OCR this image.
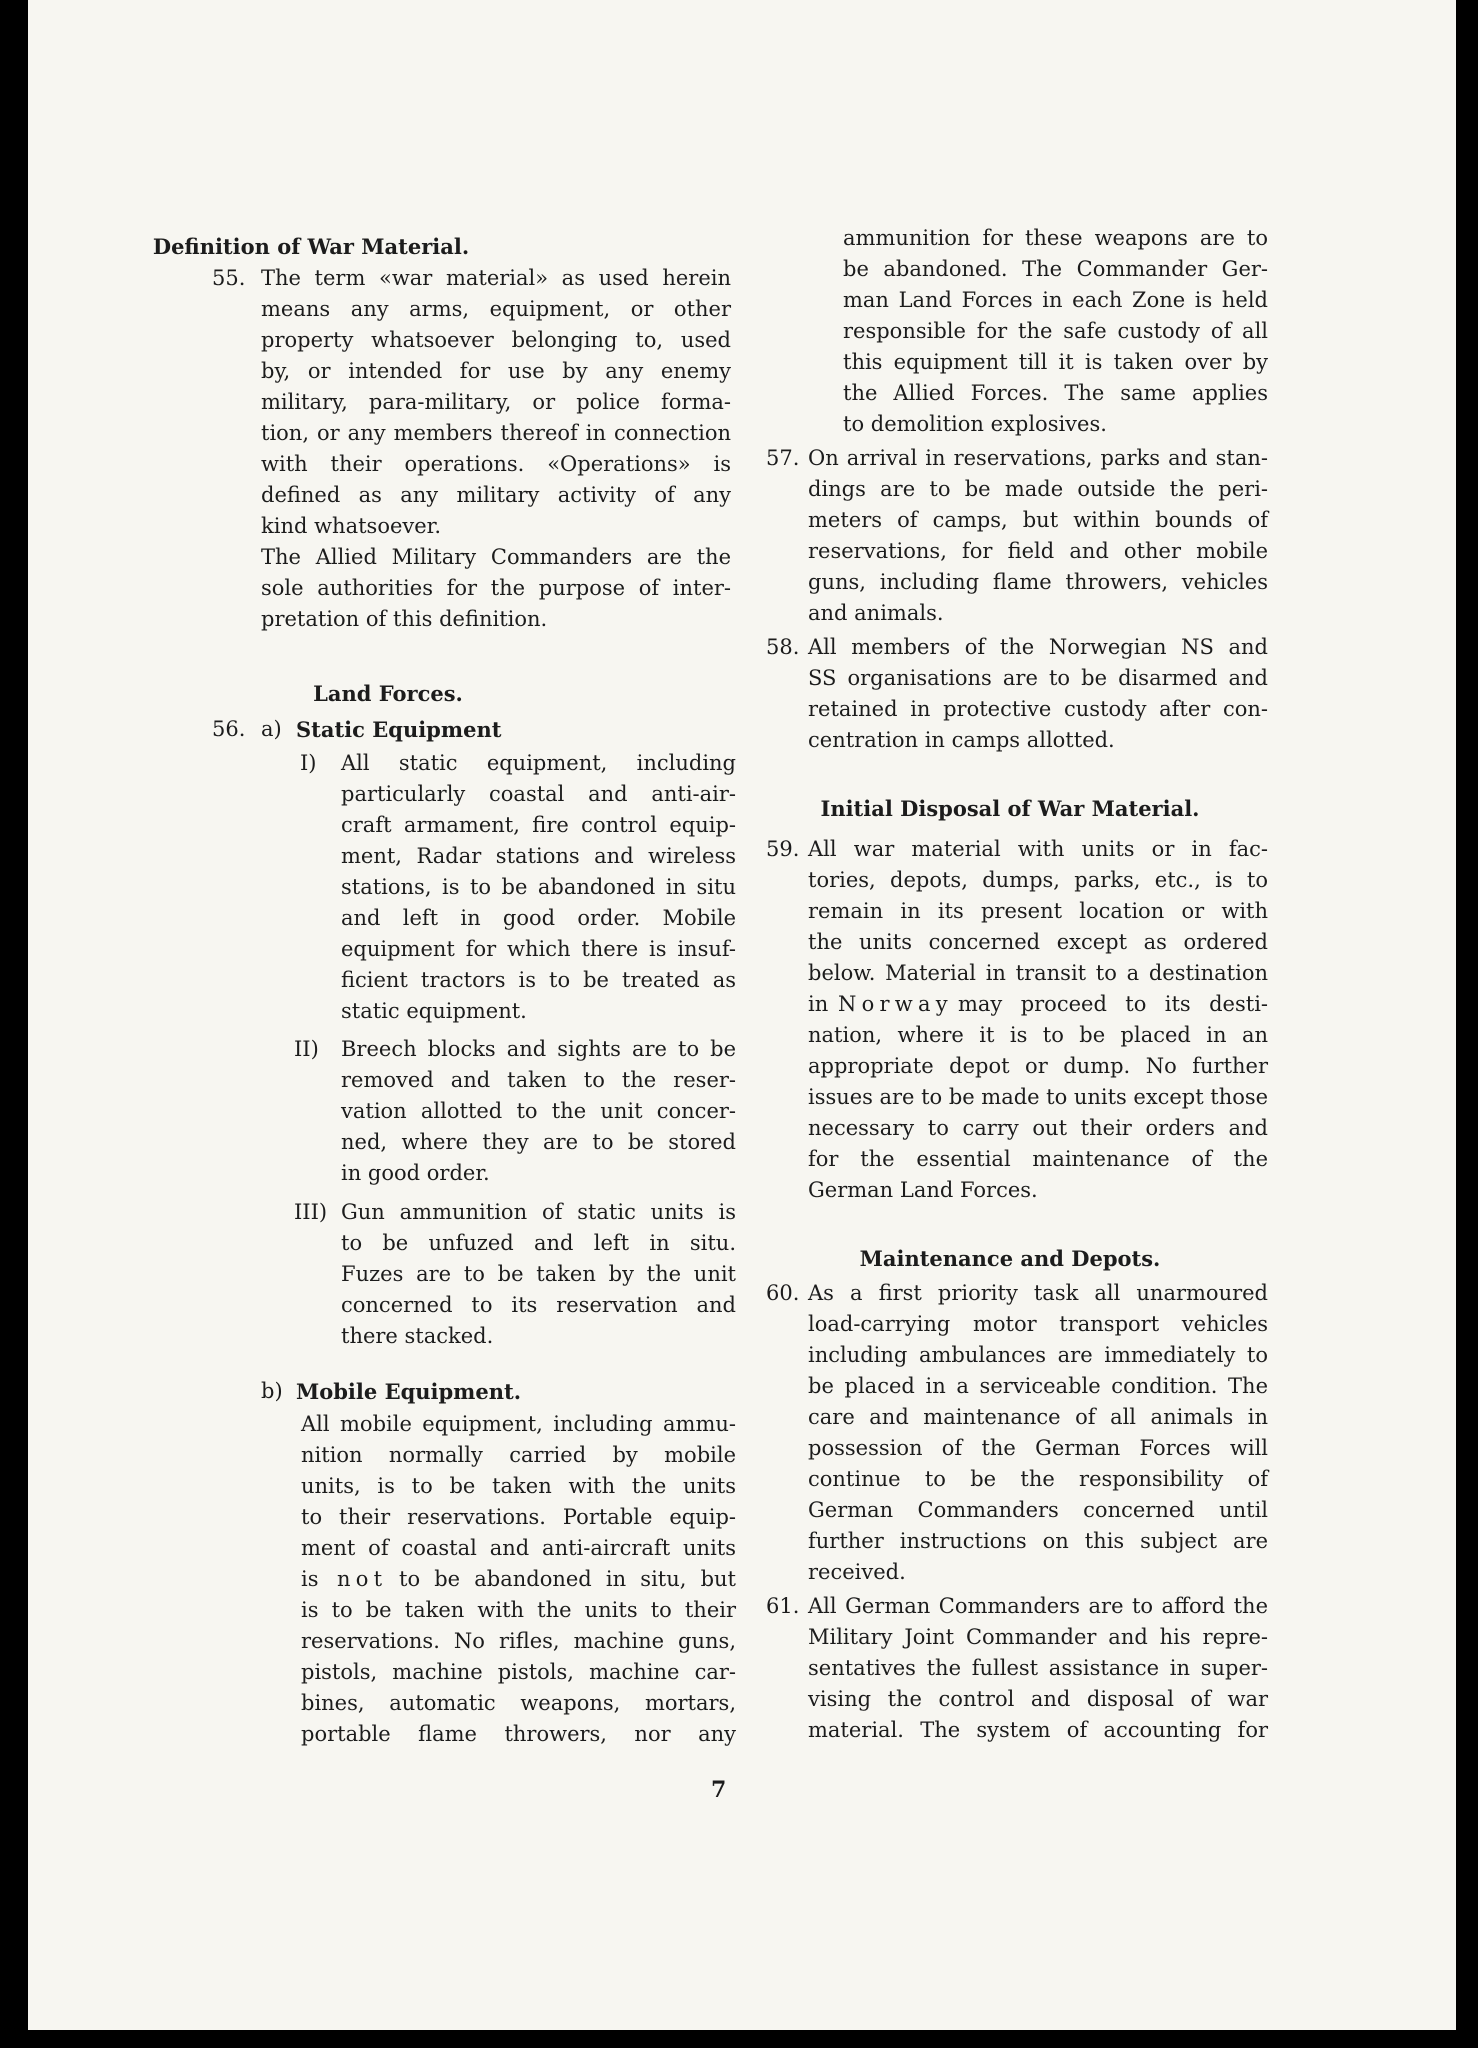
Definition of War Material.
55. The term «war material» as used herein
means any arms, equipment, or other
property whatsoever belonging to, used
by, or intended for use by any enemy
military, para-military, or police forma-
tion, or any members thereof in connection
with their operations. «Operations» is
defined as any military activity of any
kind whatsoever.
The Allied Military Commanders are the
sole authorities for the purpose of inter-
pretation of this definition.
Land Forces.
56. a) Static Equipment
I) All static equipment, including
particularly coastal and anti-air-
craft armament, fire control equip-
ment, Radar stations and wireless
stations, is to be abandoned in situ
and left in good order. Mobile
equipment for which there is insuf-
ficient tractors is to be treated as
static equipment.
II) Breech blocks and sights are to be
removed and taken to the reser-
vation allotted to the unit concer-
ned, where they are to be stored
in good order.
III) Gun ammunition of static units is
to be unfuzed and left in situ.
Fuzes are to be taken by the unit
concerned to its reservation and
there stacked.
b) Mobile Equipment.
All mobile equipment, including ammu-
nition normally carried by mobile
units, is to be taken with the units
to their reservations. Portable equip-
ment of coastal and anti-aircraft units
is not to be abandoned in situ, but
is to be taken with the units to their
reservations. No rifles, machine guns,
pistols, machine pistols, machine car-
bines, automatic weapons, mortars,
portable flame throwers, nor any
ammunition for these weapons are to
be abandoned. The Commander Ger-
man Land Forces in each Zone is held
responsible for the safe custody of all
this equipment till it is taken over by
the Allied Forces. The same applies
to demolition explosives.
57. On arrival in reservations, parks and stan-
dings are to be made outside the peri-
meters of camps, but within bounds of
reservations, for field and other mobile
guns, including flame throwers, vehicles
and animals.
58. All members of the Norwegian NS and
SS organisations are to be disarmed and
retained in protective custody after con-
centration in camps allotted.
Initial Disposal of War Material.
59. All war material with units or in fac-
tories, depots, dumps, parks, etc., is to
remain in its present location or with
the units concerned except as ordered
below. Material in transit to a destination
in Norway may proceed to its desti-
nation, where it is to be placed in an
appropriate depot or dump. No further
issues are to be made to units except those
necessary to carry out their orders and
for the essential maintenance of the
German Land Forces.
Maintenance and Depots.
60. As a first priority task all unarmoured
load-carrying motor transport vehicles
including ambulances are immediately to
be placed in a serviceable condition. The
care and maintenance of all animals in
possession of the German Forces will
continue to be the responsibility of
German Commanders concerned until
further instructions on this subject are
received.
61. All German Commanders are to afford the
Military Joint Commander and his repre-
sentatives the fullest assistance in super-
vising the control and disposal of war
material. The system of accounting for
7
